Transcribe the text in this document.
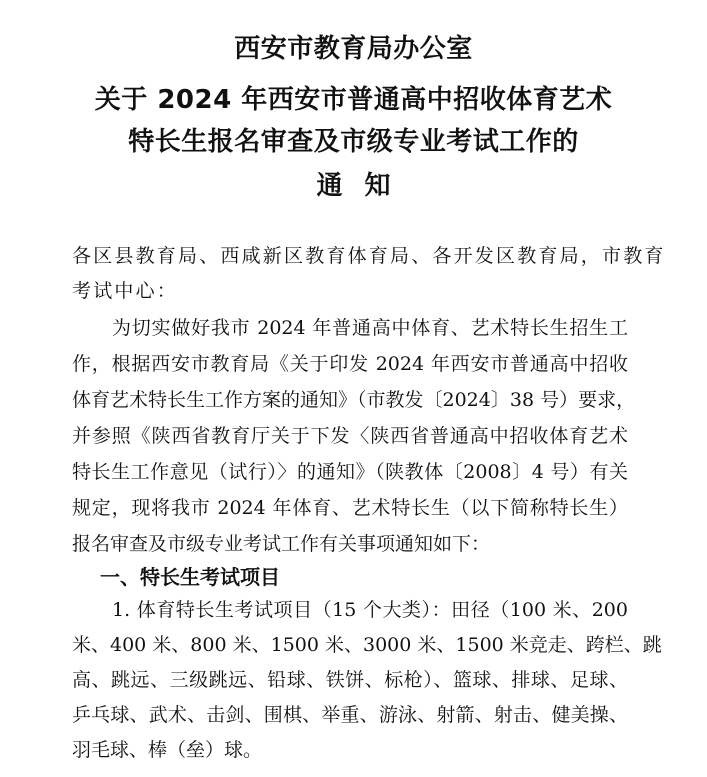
西安市教育局办公室
关于 2024 年西安市普通高中招收体育艺术
特长生报名审查及市级专业考试工作的
通知
各区县教育局、西咸新区教育体育局、各开发区教育局，市教育
考试中心：
为切实做好我市 2024 年普通高中体育、艺术特长生招生工
作，根据西安市教育局《关于印发 2024 年西安市普通高中招收
体育艺术特长生工作方案的通知》（市教发〔2024〕38 号）要求，
并参照《陕西省教育厅关于下发〈陕西省普通高中招收体育艺术
特长生工作意见（试行）〉的通知》（陕教体〔2008〕4 号）有关
规定，现将我市 2024 年体育、艺术特长生（以下简称特长生）
报名审查及市级专业考试工作有关事项通知如下：
一、特长生考试项目
1. 体育特长生考试项目（15 个大类）：田径（100 米、200
米、400 米、800 米、1500 米、3000 米、1500 米竞走、跨栏、跳
高、跳远、三级跳远、铅球、铁饼、标枪）、篮球、排球、足球、
乒乓球、武术、击剑、围棋、举重、游泳、射箭、射击、健美操、
羽毛球、棒（垒）球。
